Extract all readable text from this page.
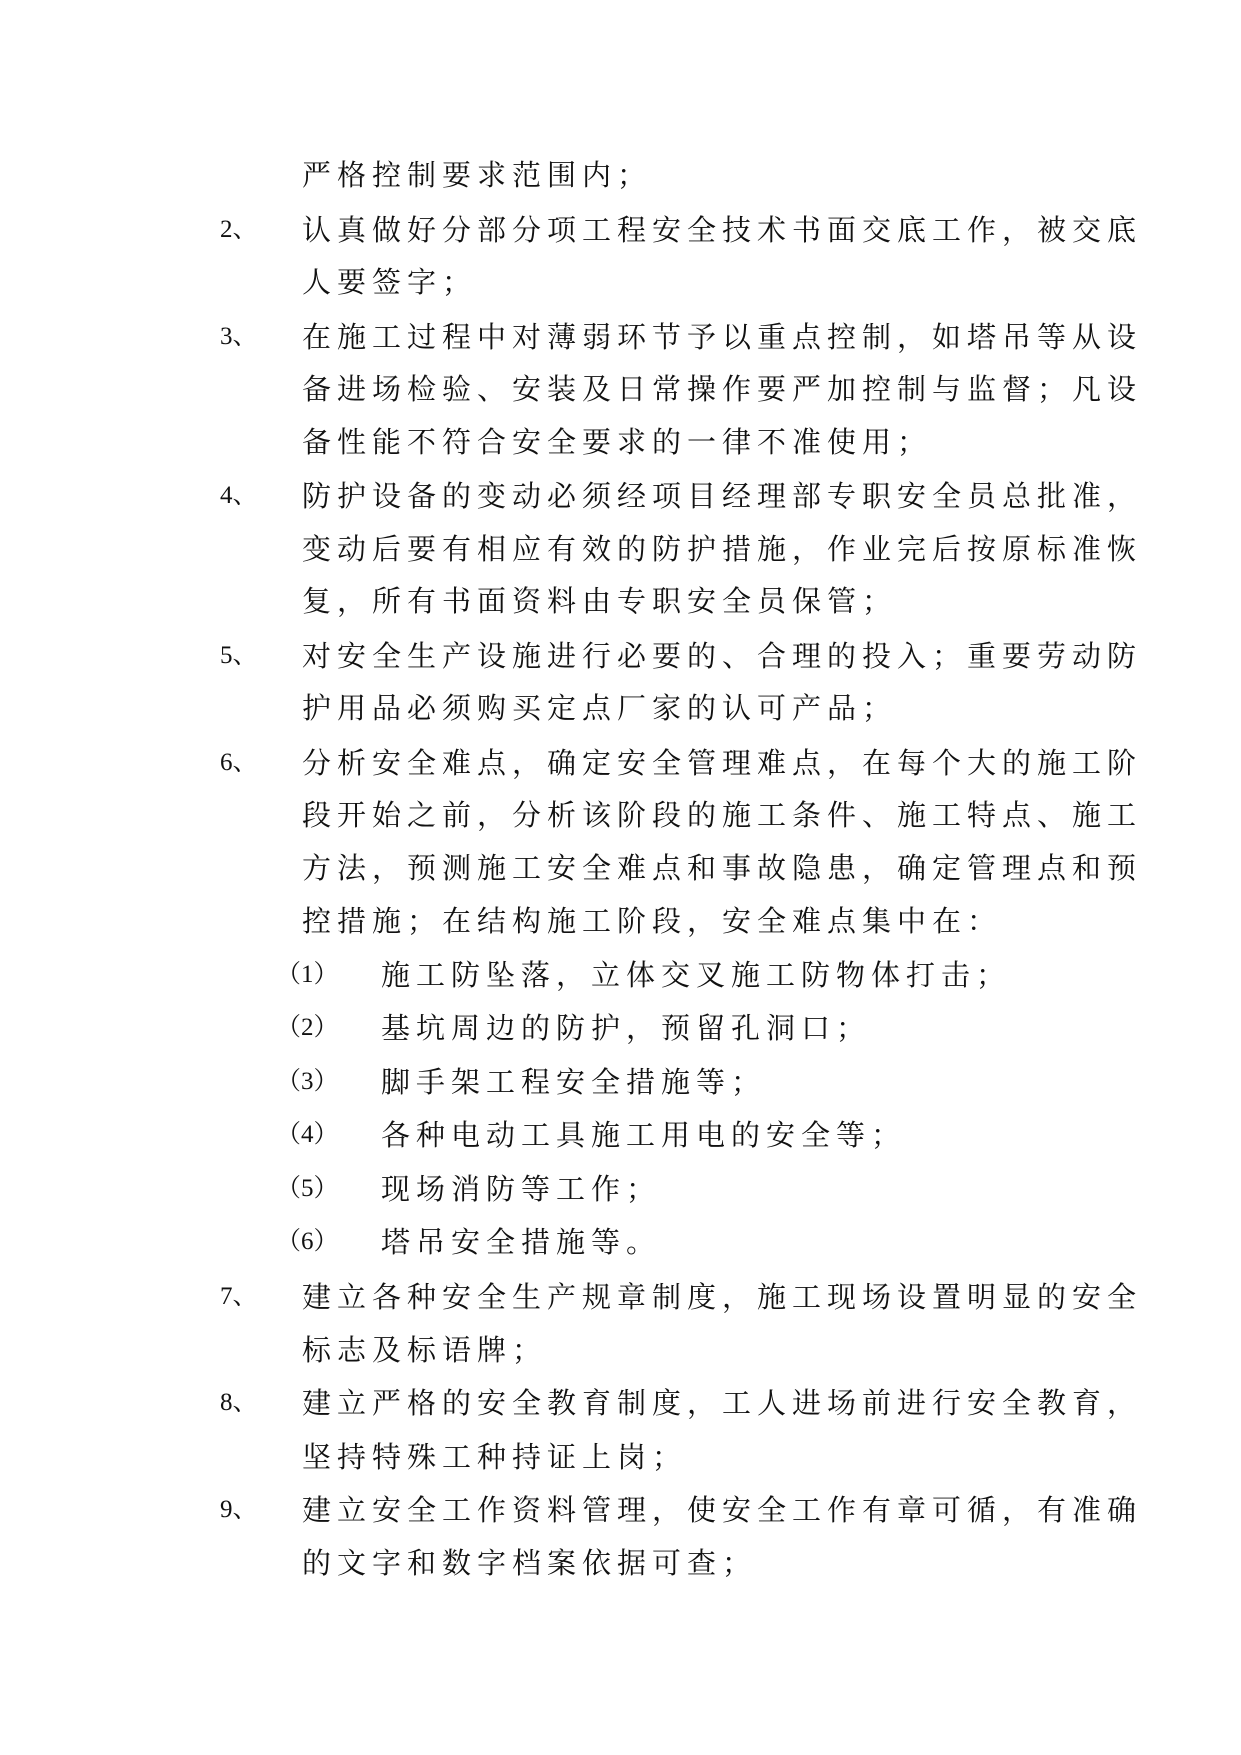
严格控制要求范围内；
2、 认真做好分部分项工程安全技术书面交底工作，被交底
人要签字；
3、 在施工过程中对薄弱环节予以重点控制，如塔吊等从设
备进场检验、安装及日常操作要严加控制与监督；凡设
备性能不符合安全要求的一律不准使用；
4、 防护设备的变动必须经项目经理部专职安全员总批准，
变动后要有相应有效的防护措施，作业完后按原标准恢
复，所有书面资料由专职安全员保管；
5、 对安全生产设施进行必要的、合理的投入；重要劳动防
护用品必须购买定点厂家的认可产品；
6、 分析安全难点，确定安全管理难点，在每个大的施工阶
段开始之前，分析该阶段的施工条件、施工特点、施工
方法，预测施工安全难点和事故隐患，确定管理点和预
控措施；在结构施工阶段，安全难点集中在：
（1） 施工防坠落，立体交叉施工防物体打击；
（2） 基坑周边的防护，预留孔洞口；
（3） 脚手架工程安全措施等；
（4） 各种电动工具施工用电的安全等；
（5） 现场消防等工作；
（6） 塔吊安全措施等。
7、 建立各种安全生产规章制度，施工现场设置明显的安全
标志及标语牌；
8、 建立严格的安全教育制度，工人进场前进行安全教育，
坚持特殊工种持证上岗；
9、 建立安全工作资料管理，使安全工作有章可循，有准确
的文字和数字档案依据可查；
